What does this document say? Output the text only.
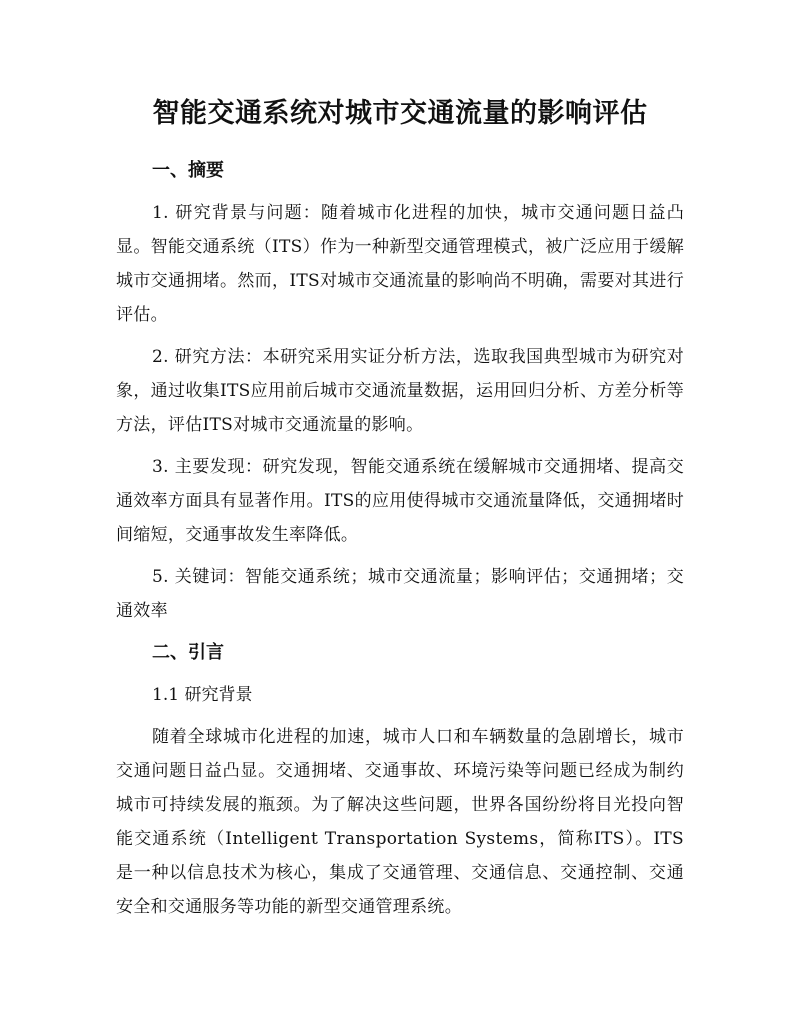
智能交通系统对城市交通流量的影响评估
一、摘要

1. 研究背景与问题：随着城市化进程的加快，城市交通问题日益凸显。智能交通系统（ITS）作为一种新型交通管理模式，被广泛应用于缓解城市交通拥堵。然而，ITS对城市交通流量的影响尚不明确，需要对其进行评估。

2. 研究方法：本研究采用实证分析方法，选取我国典型城市为研究对象，通过收集ITS应用前后城市交通流量数据，运用回归分析、方差分析等方法，评估ITS对城市交通流量的影响。

3. 主要发现：研究发现，智能交通系统在缓解城市交通拥堵、提高交通效率方面具有显著作用。ITS的应用使得城市交通流量降低，交通拥堵时间缩短，交通事故发生率降低。

5. 关键词：智能交通系统；城市交通流量；影响评估；交通拥堵；交通效率

二、引言
1.1 研究背景

随着全球城市化进程的加速，城市人口和车辆数量的急剧增长，城市交通问题日益凸显。交通拥堵、交通事故、环境污染等问题已经成为制约城市可持续发展的瓶颈。为了解决这些问题，世界各国纷纷将目光投向智能交通系统（Intelligent Transportation Systems，简称ITS）。ITS是一种以信息技术为核心，集成了交通管理、交通信息、交通控制、交通安全和交通服务等功能的新型交通管理系统。
